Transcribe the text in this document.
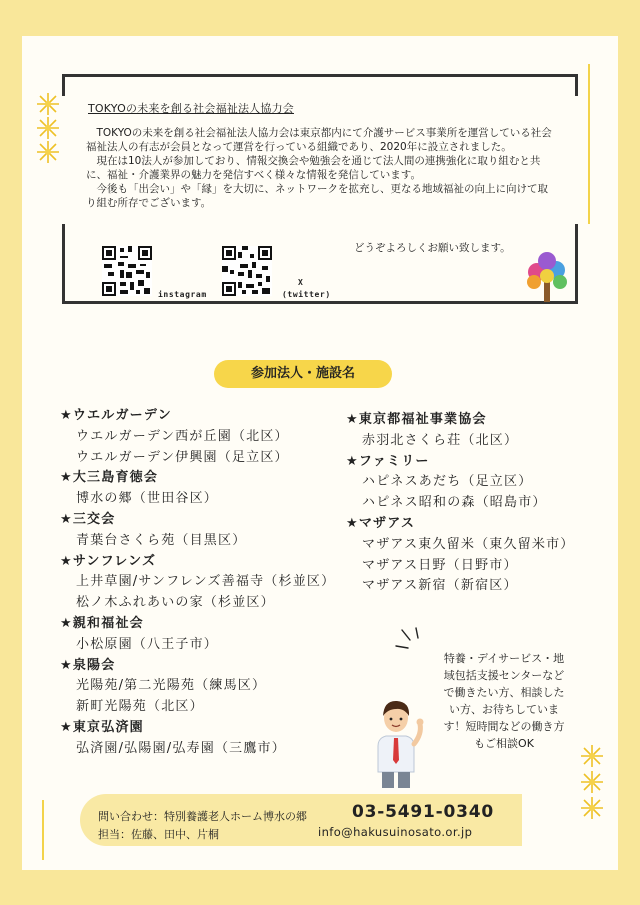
TOKYOの未来を創る社会福祉法人協力会

TOKYOの未来を創る社会福祉法人協力会は東京都内にて介護サービス事業所を運営している社会福祉法人の有志が会員となって運営を行っている組織であり、2020年に設立されました。

現在は10法人が参加しており、情報交換会や勉強会を通じて法人間の連携強化に取り組むと共に、福祉・介護業界の魅力を発信すべく様々な情報を発信しています。

今後も「出会い」や「縁」を大切に、ネットワークを拡充し、更なる地域福祉の向上に向けて取り組む所存でございます。

どうぞよろしくお願い致します。
instagram
X
(twitter)
参加法人・施設名
★ウエルガーデン
ウエルガーデン西が丘園（北区）
ウエルガーデン伊興園（足立区）
★大三島育徳会
博水の郷（世田谷区）
★三交会
青葉台さくら苑（目黒区）
★サンフレンズ
上井草園/サンフレンズ善福寺（杉並区）
松ノ木ふれあいの家（杉並区）
★親和福祉会
小松原園（八王子市）
★泉陽会
光陽苑/第二光陽苑（練馬区）
新町光陽苑（北区）
★東京弘済園
弘済園/弘陽園/弘寿園（三鷹市）
★東京都福祉事業協会
赤羽北さくら荘（北区）
★ファミリー
ハピネスあだち（足立区）
ハピネス昭和の森（昭島市）
★マザアス
マザアス東久留米（東久留米市）
マザアス日野（日野市）
マザアス新宿（新宿区）
特養・デイサービス・地
域包括支援センターなど
で働きたい方、相談した
い方、お待ちしていま
す！短時間などの働き方
もご相談OK
問い合わせ：特別養護老人ホーム博水の郷
担当：佐藤、田中、片桐
03-5491-0340
info@hakusuinosato.or.jp
